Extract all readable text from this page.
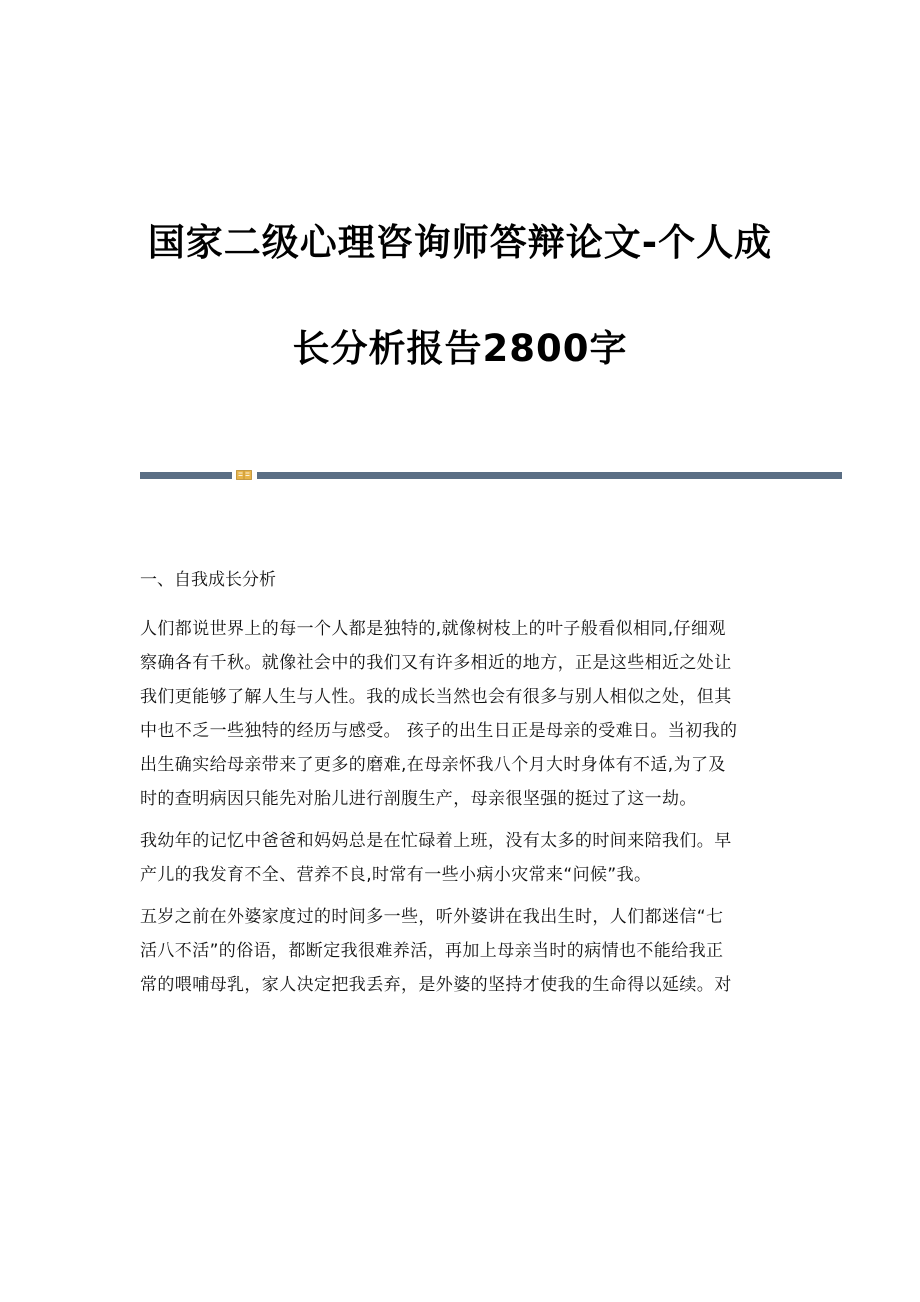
国家二级心理咨询师答辩论文-个人成
长分析报告2800字
一、自我成长分析
人们都说世界上的每一个人都是独特的,就像树枝上的叶子般看似相同,仔细观
察确各有千秋。就像社会中的我们又有许多相近的地方，正是这些相近之处让
我们更能够了解人生与人性。我的成长当然也会有很多与别人相似之处，但其
中也不乏一些独特的经历与感受。 孩子的出生日正是母亲的受难日。当初我的
出生确实给母亲带来了更多的磨难,在母亲怀我八个月大时身体有不适,为了及
时的查明病因只能先对胎儿进行剖腹生产，母亲很坚强的挺过了这一劫。
我幼年的记忆中爸爸和妈妈总是在忙碌着上班，没有太多的时间来陪我们。早
产儿的我发育不全、营养不良,时常有一些小病小灾常来“问候”我。
五岁之前在外婆家度过的时间多一些，听外婆讲在我出生时，人们都迷信“七
活八不活”的俗语，都断定我很难养活，再加上母亲当时的病情也不能给我正
常的喂哺母乳，家人决定把我丢弃，是外婆的坚持才使我的生命得以延续。对
